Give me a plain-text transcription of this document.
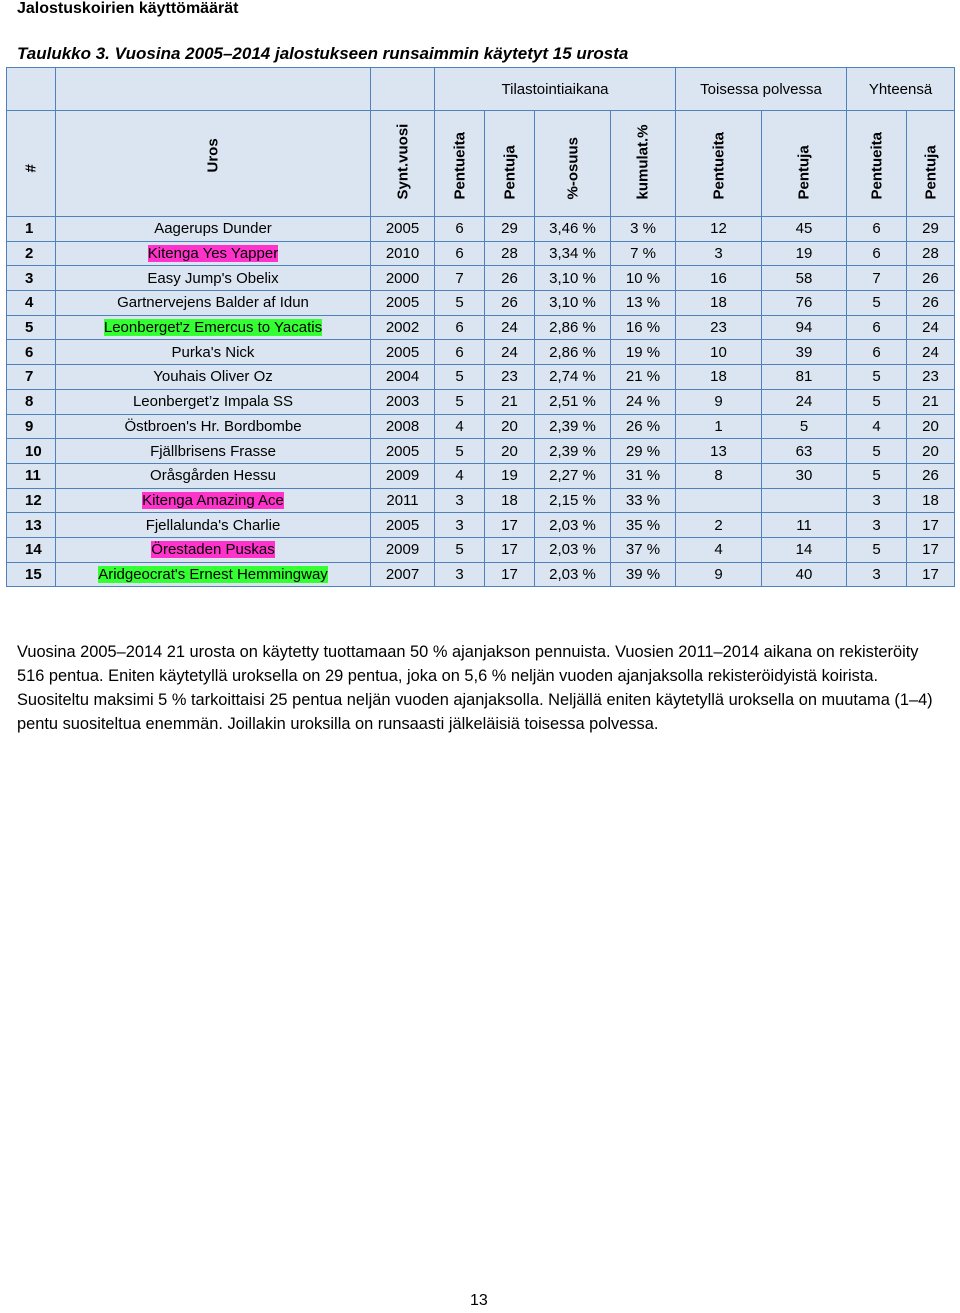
Jalostuskoirien käyttömäärät
Taulukko 3. Vuosina 2005–2014 jalostukseen runsaimmin käytetyt 15 urosta
			Tilastointiaikana				Toisessa polvessa		Yhteensä	

#	Uros	Synt.vuosi	Pentueita	Pentuja	%-osuus	kumulat.%	Pentueita	Pentuja	Pentueita	Pentuja

1	Aagerups Dunder	2005	6	29	3,46 %	3 %	12	45	6	29
2	Kitenga Yes Yapper	2010	6	28	3,34 %	7 %	3	19	6	28
3	Easy Jump's Obelix	2000	7	26	3,10 %	10 %	16	58	7	26
4	Gartnervejens Balder af Idun	2005	5	26	3,10 %	13 %	18	76	5	26
5	Leonberget'z Emercus to Yacatis	2002	6	24	2,86 %	16 %	23	94	6	24
6	Purka's Nick	2005	6	24	2,86 %	19 %	10	39	6	24
7	Youhais Oliver Oz	2004	5	23	2,74 %	21 %	18	81	5	23
8	Leonberget’z Impala SS	2003	5	21	2,51 %	24 %	9	24	5	21
9	Östbroen's Hr. Bordbombe	2008	4	20	2,39 %	26 %	1	5	4	20
10	Fjällbrisens Frasse	2005	5	20	2,39 %	29 %	13	63	5	20
11	Oråsgården Hessu	2009	4	19	2,27 %	31 %	8	30	5	26
12	Kitenga Amazing Ace	2011	3	18	2,15 %	33 %			3	18
13	Fjellalunda's Charlie	2005	3	17	2,03 %	35 %	2	11	3	17
14	Örestaden Puskas	2009	5	17	2,03 %	37 %	4	14	5	17
15	Aridgeocrat's Ernest Hemmingway	2007	3	17	2,03 %	39 %	9	40	3	17
Vuosina 2005–2014 21 urosta on käytetty tuottamaan 50 % ajanjakson pennuista. Vuosien 2011–2014 aikana on rekisteröity 516 pentua. Eniten käytetyllä uroksella on 29 pentua, joka on 5,6 % neljän vuoden ajanjaksolla rekisteröidyistä koirista. Suositeltu maksimi 5 % tarkoittaisi 25 pentua neljän vuoden ajanjaksolla. Neljällä eniten käytetyllä uroksella on muutama (1–4) pentu suositeltua enemmän. Joillakin uroksilla on runsaasti jälkeläisiä toisessa polvessa.
13
